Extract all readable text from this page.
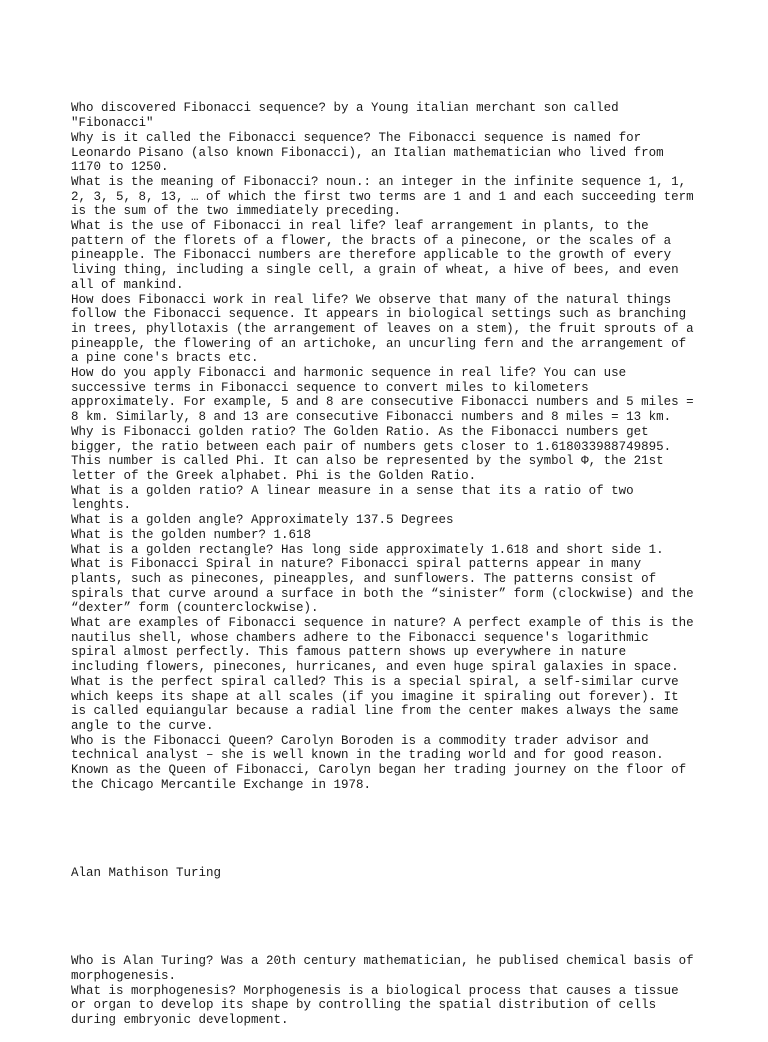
Who discovered Fibonacci sequence? by a Young italian merchant son called
"Fibonacci"
Why is it called the Fibonacci sequence? The Fibonacci sequence is named for
Leonardo Pisano (also known Fibonacci), an Italian mathematician who lived from
1170 to 1250.
What is the meaning of Fibonacci? noun.: an integer in the infinite sequence 1, 1,
2, 3, 5, 8, 13, … of which the first two terms are 1 and 1 and each succeeding term
is the sum of the two immediately preceding.
What is the use of Fibonacci in real life? leaf arrangement in plants, to the
pattern of the florets of a flower, the bracts of a pinecone, or the scales of a
pineapple. The Fibonacci numbers are therefore applicable to the growth of every
living thing, including a single cell, a grain of wheat, a hive of bees, and even
all of mankind.
How does Fibonacci work in real life? We observe that many of the natural things
follow the Fibonacci sequence. It appears in biological settings such as branching
in trees, phyllotaxis (the arrangement of leaves on a stem), the fruit sprouts of a
pineapple, the flowering of an artichoke, an uncurling fern and the arrangement of
a pine cone's bracts etc.
How do you apply Fibonacci and harmonic sequence in real life? You can use
successive terms in Fibonacci sequence to convert miles to kilometers
approximately. For example, 5 and 8 are consecutive Fibonacci numbers and 5 miles =
8 km. Similarly, 8 and 13 are consecutive Fibonacci numbers and 8 miles = 13 km.
Why is Fibonacci golden ratio? The Golden Ratio. As the Fibonacci numbers get
bigger, the ratio between each pair of numbers gets closer to 1.618033988749895.
This number is called Phi. It can also be represented by the symbol Φ, the 21st
letter of the Greek alphabet. Phi is the Golden Ratio.
What is a golden ratio? A linear measure in a sense that its a ratio of two
lenghts.
What is a golden angle? Approximately 137.5 Degrees
What is the golden number? 1.618
What is a golden rectangle? Has long side approximately 1.618 and short side 1.
What is Fibonacci Spiral in nature? Fibonacci spiral patterns appear in many
plants, such as pinecones, pineapples, and sunflowers. The patterns consist of
spirals that curve around a surface in both the “sinister” form (clockwise) and the
“dexter” form (counterclockwise).
What are examples of Fibonacci sequence in nature? A perfect example of this is the
nautilus shell, whose chambers adhere to the Fibonacci sequence's logarithmic
spiral almost perfectly. This famous pattern shows up everywhere in nature
including flowers, pinecones, hurricanes, and even huge spiral galaxies in space.
What is the perfect spiral called? This is a special spiral, a self-similar curve
which keeps its shape at all scales (if you imagine it spiraling out forever). It
is called equiangular because a radial line from the center makes always the same
angle to the curve.
Who is the Fibonacci Queen? Carolyn Boroden is a commodity trader advisor and
technical analyst – she is well known in the trading world and for good reason.
Known as the Queen of Fibonacci, Carolyn began her trading journey on the floor of
the Chicago Mercantile Exchange in 1978.

Alan Mathison Turing

Who is Alan Turing? Was a 20th century mathematician, he publised chemical basis of
morphogenesis.
What is morphogenesis? Morphogenesis is a biological process that causes a tissue
or organ to develop its shape by controlling the spatial distribution of cells
during embryonic development.
